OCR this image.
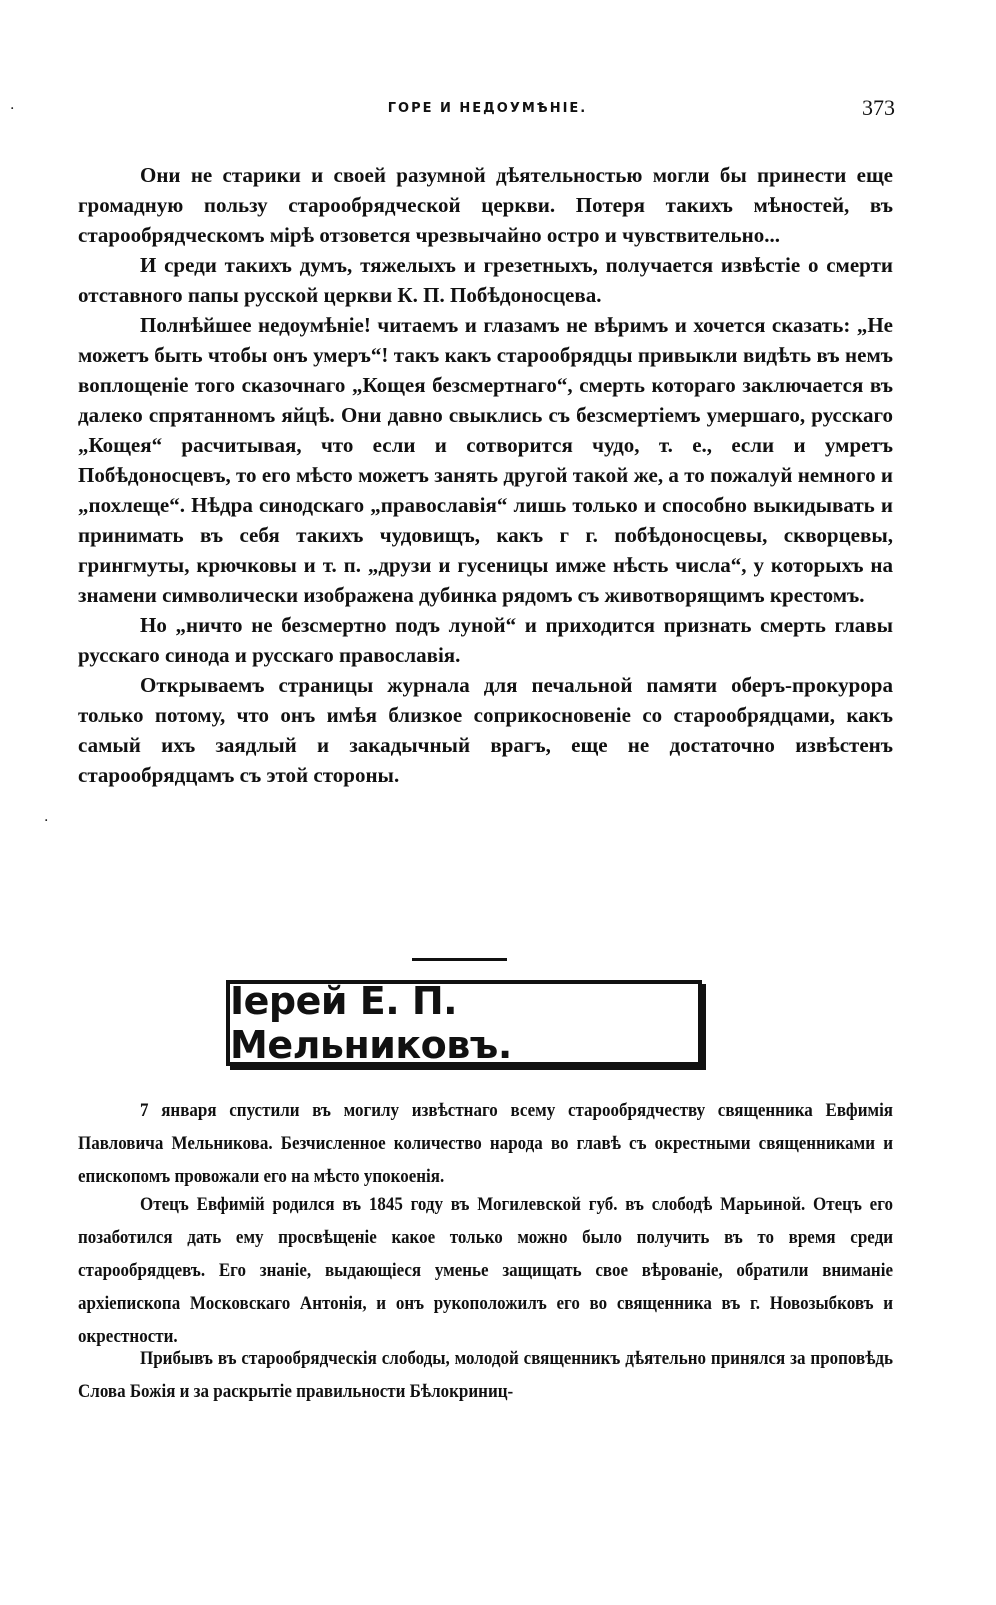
·
·
ГОРЕ И НЕДОУМѢНІЕ.	373

Они не старики и своей разумной дѣятельностью могли бы принести еще громадную пользу старообрядческой церкви. Потеря такихъ мѣностей, въ старообрядческомъ мірѣ отзовется чрезвычайно остро и чувствительно...

И среди такихъ думъ, тяжелыхъ и грезетныхъ, получается извѣстіе о смерти отставного папы русской церкви К. П. Побѣдоносцева.

Полнѣйшее недоумѣніе! читаемъ и глазамъ не вѣримъ и хочется сказать: „Не можетъ быть чтобы онъ умеръ“! такъ какъ старообрядцы привыкли видѣть въ немъ воплощеніе того сказочнаго „Кощея безсмертнаго“, смерть котораго заключается въ далеко спрятанномъ яйцѣ. Они давно свыклись съ безсмертіемъ умершаго, русскаго „Кощея“ расчитывая, что если и сотворится чудо, т. е., если и умретъ Побѣдоносцевъ, то его мѣсто можетъ занять другой такой же, а то пожалуй немного и „похлеще“. Нѣдра синодскаго „православія“ лишь только и способно выкидывать и принимать въ себя такихъ чудовищъ, какъ г г. побѣдоносцевы, скворцевы, грингмуты, крючковы и т. п. „друзи и гусеницы имже нѣсть числа“, у которыхъ на знамени символически изображена дубинка рядомъ съ животворящимъ крестомъ.

Но „ничто не безсмертно подъ луной“ и приходится признать смерть главы русскаго синода и русскаго православія.

Открываемъ страницы журнала для печальной памяти оберъ-прокурора только потому, что онъ имѣя близкое соприкосновеніе со старообрядцами, какъ самый ихъ заядлый и закадычный врагъ, еще не достаточно извѣстенъ старообрядцамъ съ этой стороны.

Іерей Е. П. Мельниковъ.

7 января спустили въ могилу извѣстнаго всему старообрядчеству священника Евфимія Павловича Мельникова. Безчисленное количество народа во главѣ съ окрестными священниками и епископомъ провожали его на мѣсто упокоенія.

Отецъ Евфимій родился въ 1845 году въ Могилевской губ. въ слободѣ Марьиной. Отецъ его позаботился дать ему просвѣщеніе какое только можно было получить въ то время среди старообрядцевъ. Его знаніе, выдающіеся уменье защищать свое вѣрованіе, обратили вниманіе архіепископа Московскаго Антонія, и онъ рукоположилъ его во священника въ г. Новозыбковъ и окрестности.

Прибывъ въ старообрядческія слободы, молодой священникъ дѣятельно принялся за проповѣдь Слова Божія и за раскрытіе правильности Бѣлокриниц-
